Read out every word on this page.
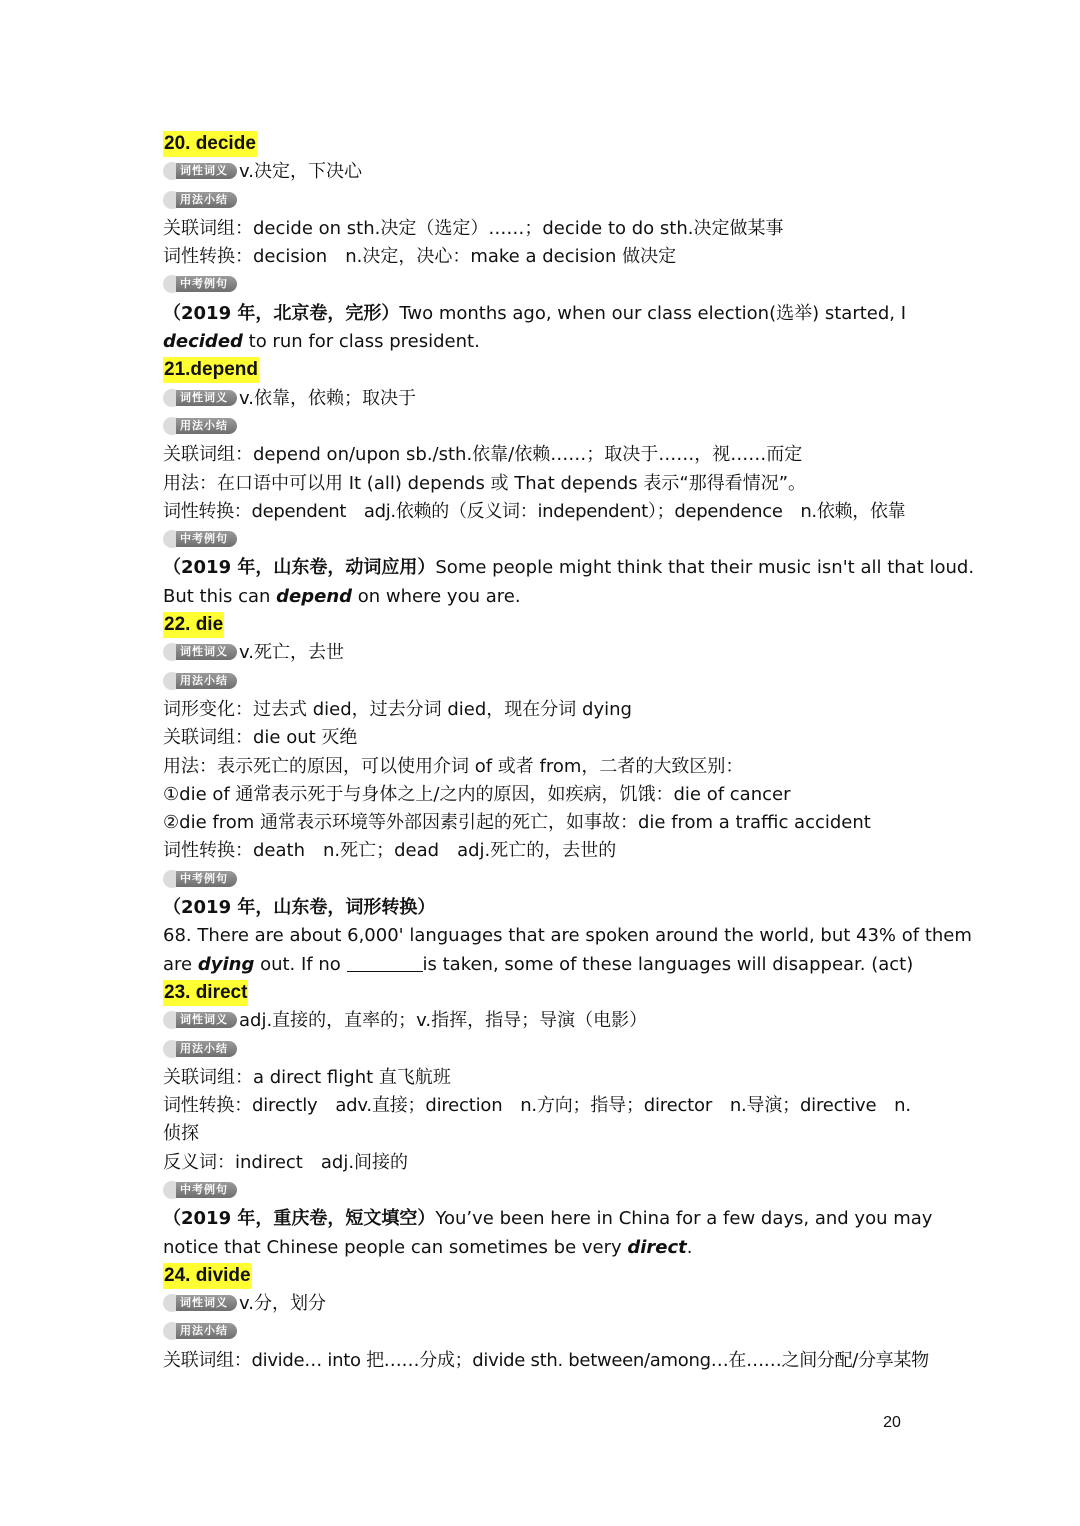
20. decide
词性词义 v.决定，下决心
用法小结
关联词组：decide on sth.决定（选定）……；decide to do sth.决定做某事
词性转换：decision　n.决定，决心：make a decision 做决定
中考例句
（2019 年，北京卷，完形）Two months ago, when our class election(选举) started, I
decided to run for class president.
21.depend
词性词义 v.依靠，依赖；取决于
用法小结
关联词组：depend on/upon sb./sth.依靠/依赖……；取决于……，视……而定
用法：在口语中可以用 It (all) depends 或 That depends 表示“那得看情况”。
词性转换：dependent　adj.依赖的（反义词：independent）；dependence　n.依赖，依靠
中考例句
（2019 年，山东卷，动词应用）Some people might think that their music isn't all that loud.
But this can depend on where you are.
22. die
词性词义 v.死亡，去世
用法小结
词形变化：过去式 died，过去分词 died，现在分词 dying
关联词组：die out 灭绝
用法：表示死亡的原因，可以使用介词 of 或者 from，二者的大致区别：
①die of 通常表示死于与身体之上/之内的原因，如疾病，饥饿：die of cancer
②die from 通常表示环境等外部因素引起的死亡，如事故：die from a traffic accident
词性转换：death　n.死亡；dead　adj.死亡的，去世的
中考例句
（2019 年，山东卷，词形转换）
68. There are about 6,000' languages that are spoken around the world, but 43% of them
are dying out. If no	is taken, some of these languages will disappear. (act)
23. direct
词性词义 adj.直接的，直率的；v.指挥，指导；导演（电影）
用法小结
关联词组：a direct flight 直飞航班
词性转换：directly　adv.直接；direction　n.方向；指导；director　n.导演；directive　n.
侦探
反义词：indirect　adj.间接的
中考例句
（2019 年，重庆卷，短文填空）You’ve been here in China for a few days, and you may
notice that Chinese people can sometimes be very direct.
24. divide
词性词义 v.分，划分
用法小结
关联词组：divide… into 把……分成；divide sth. between/among…在……之间分配/分享某物
20
